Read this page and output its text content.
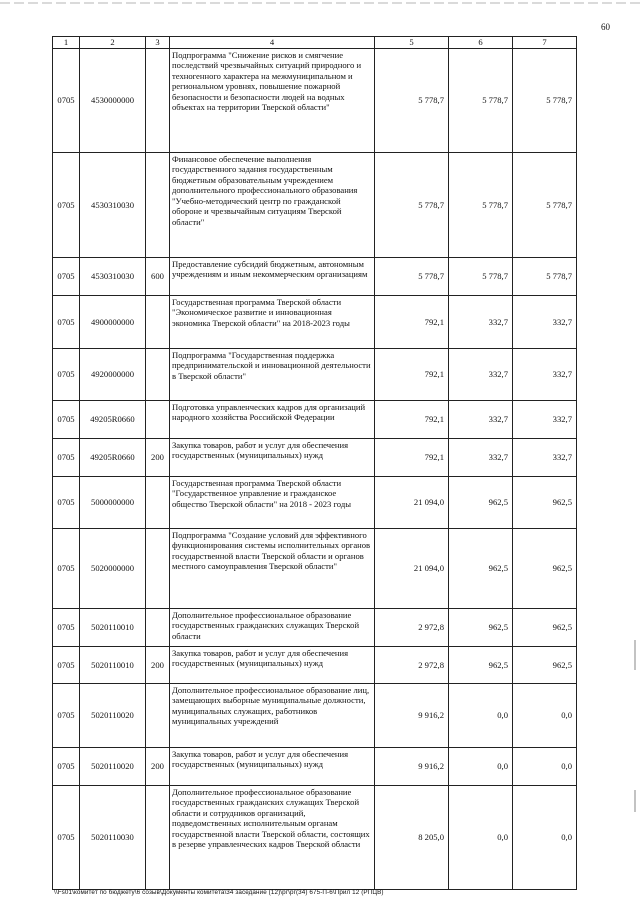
60
1	2	3	4	5	6	7
0705	4530000000		Подпрограмма "Снижение рисков и смягчение последствий чрезвычайных ситуаций природного и техногенного характера на межмуниципальном и региональном уровнях, повышение пожарной безопасности и безопасности людей на водных объектах на территории Тверской области"	5 778,7	5 778,7	5 778,7
0705	4530310030		Финансовое обеспечение выполнения государственного задания государственным бюджетным образовательным учреждением дополнительного профессионального образования "Учебно-методический центр по гражданской обороне и чрезвычайным ситуациям Тверской области"	5 778,7	5 778,7	5 778,7
0705	4530310030	600	Предоставление субсидий бюджетным, автономным учреждениям и иным некоммерческим организациям	5 778,7	5 778,7	5 778,7
0705	4900000000		Государственная программа Тверской области "Экономическое развитие и инновационная экономика Тверской области" на 2018-2023 годы	792,1	332,7	332,7
0705	4920000000		Подпрограмма "Государственная поддержка предпринимательской и инновационной деятельности в Тверской области"	792,1	332,7	332,7
0705	49205R0660		Подготовка управленческих кадров для организаций народного хозяйства Российской Федерации	792,1	332,7	332,7
0705	49205R0660	200	Закупка товаров, работ и услуг для обеспечения государственных (муниципальных) нужд	792,1	332,7	332,7
0705	5000000000		Государственная программа Тверской области "Государственное управление и гражданское общество Тверской области" на 2018 - 2023 годы	21 094,0	962,5	962,5
0705	5020000000		Подпрограмма "Создание условий для эффективного функционирования системы исполнительных органов государственной власти Тверской области и органов местного самоуправления Тверской области"	21 094,0	962,5	962,5
0705	5020110010		Дополнительное профессиональное образование государственных гражданских служащих Тверской области	2 972,8	962,5	962,5
0705	5020110010	200	Закупка товаров, работ и услуг для обеспечения государственных (муниципальных) нужд	2 972,8	962,5	962,5
0705	5020110020		Дополнительное профессиональное образование лиц, замещающих выборные муниципальные должности, муниципальных служащих, работников муниципальных учреждений	9 916,2	0,0	0,0
0705	5020110020	200	Закупка товаров, работ и услуг для обеспечения государственных (муниципальных) нужд	9 916,2	0,0	0,0
0705	5020110030		Дополнительное профессиональное образование государственных гражданских служащих Тверской области и сотрудников организаций, подведомственных исполнительным органам государственной власти Тверской области, состоящих в резерве управленческих кадров Тверской области	8 205,0	0,0	0,0
\\Fs01\комитет по бюджету\6 созыв\Документы комитета\34 заседание (12)\рг\рг(34) 675-П-6\Прил 12 (РПЦВ)
